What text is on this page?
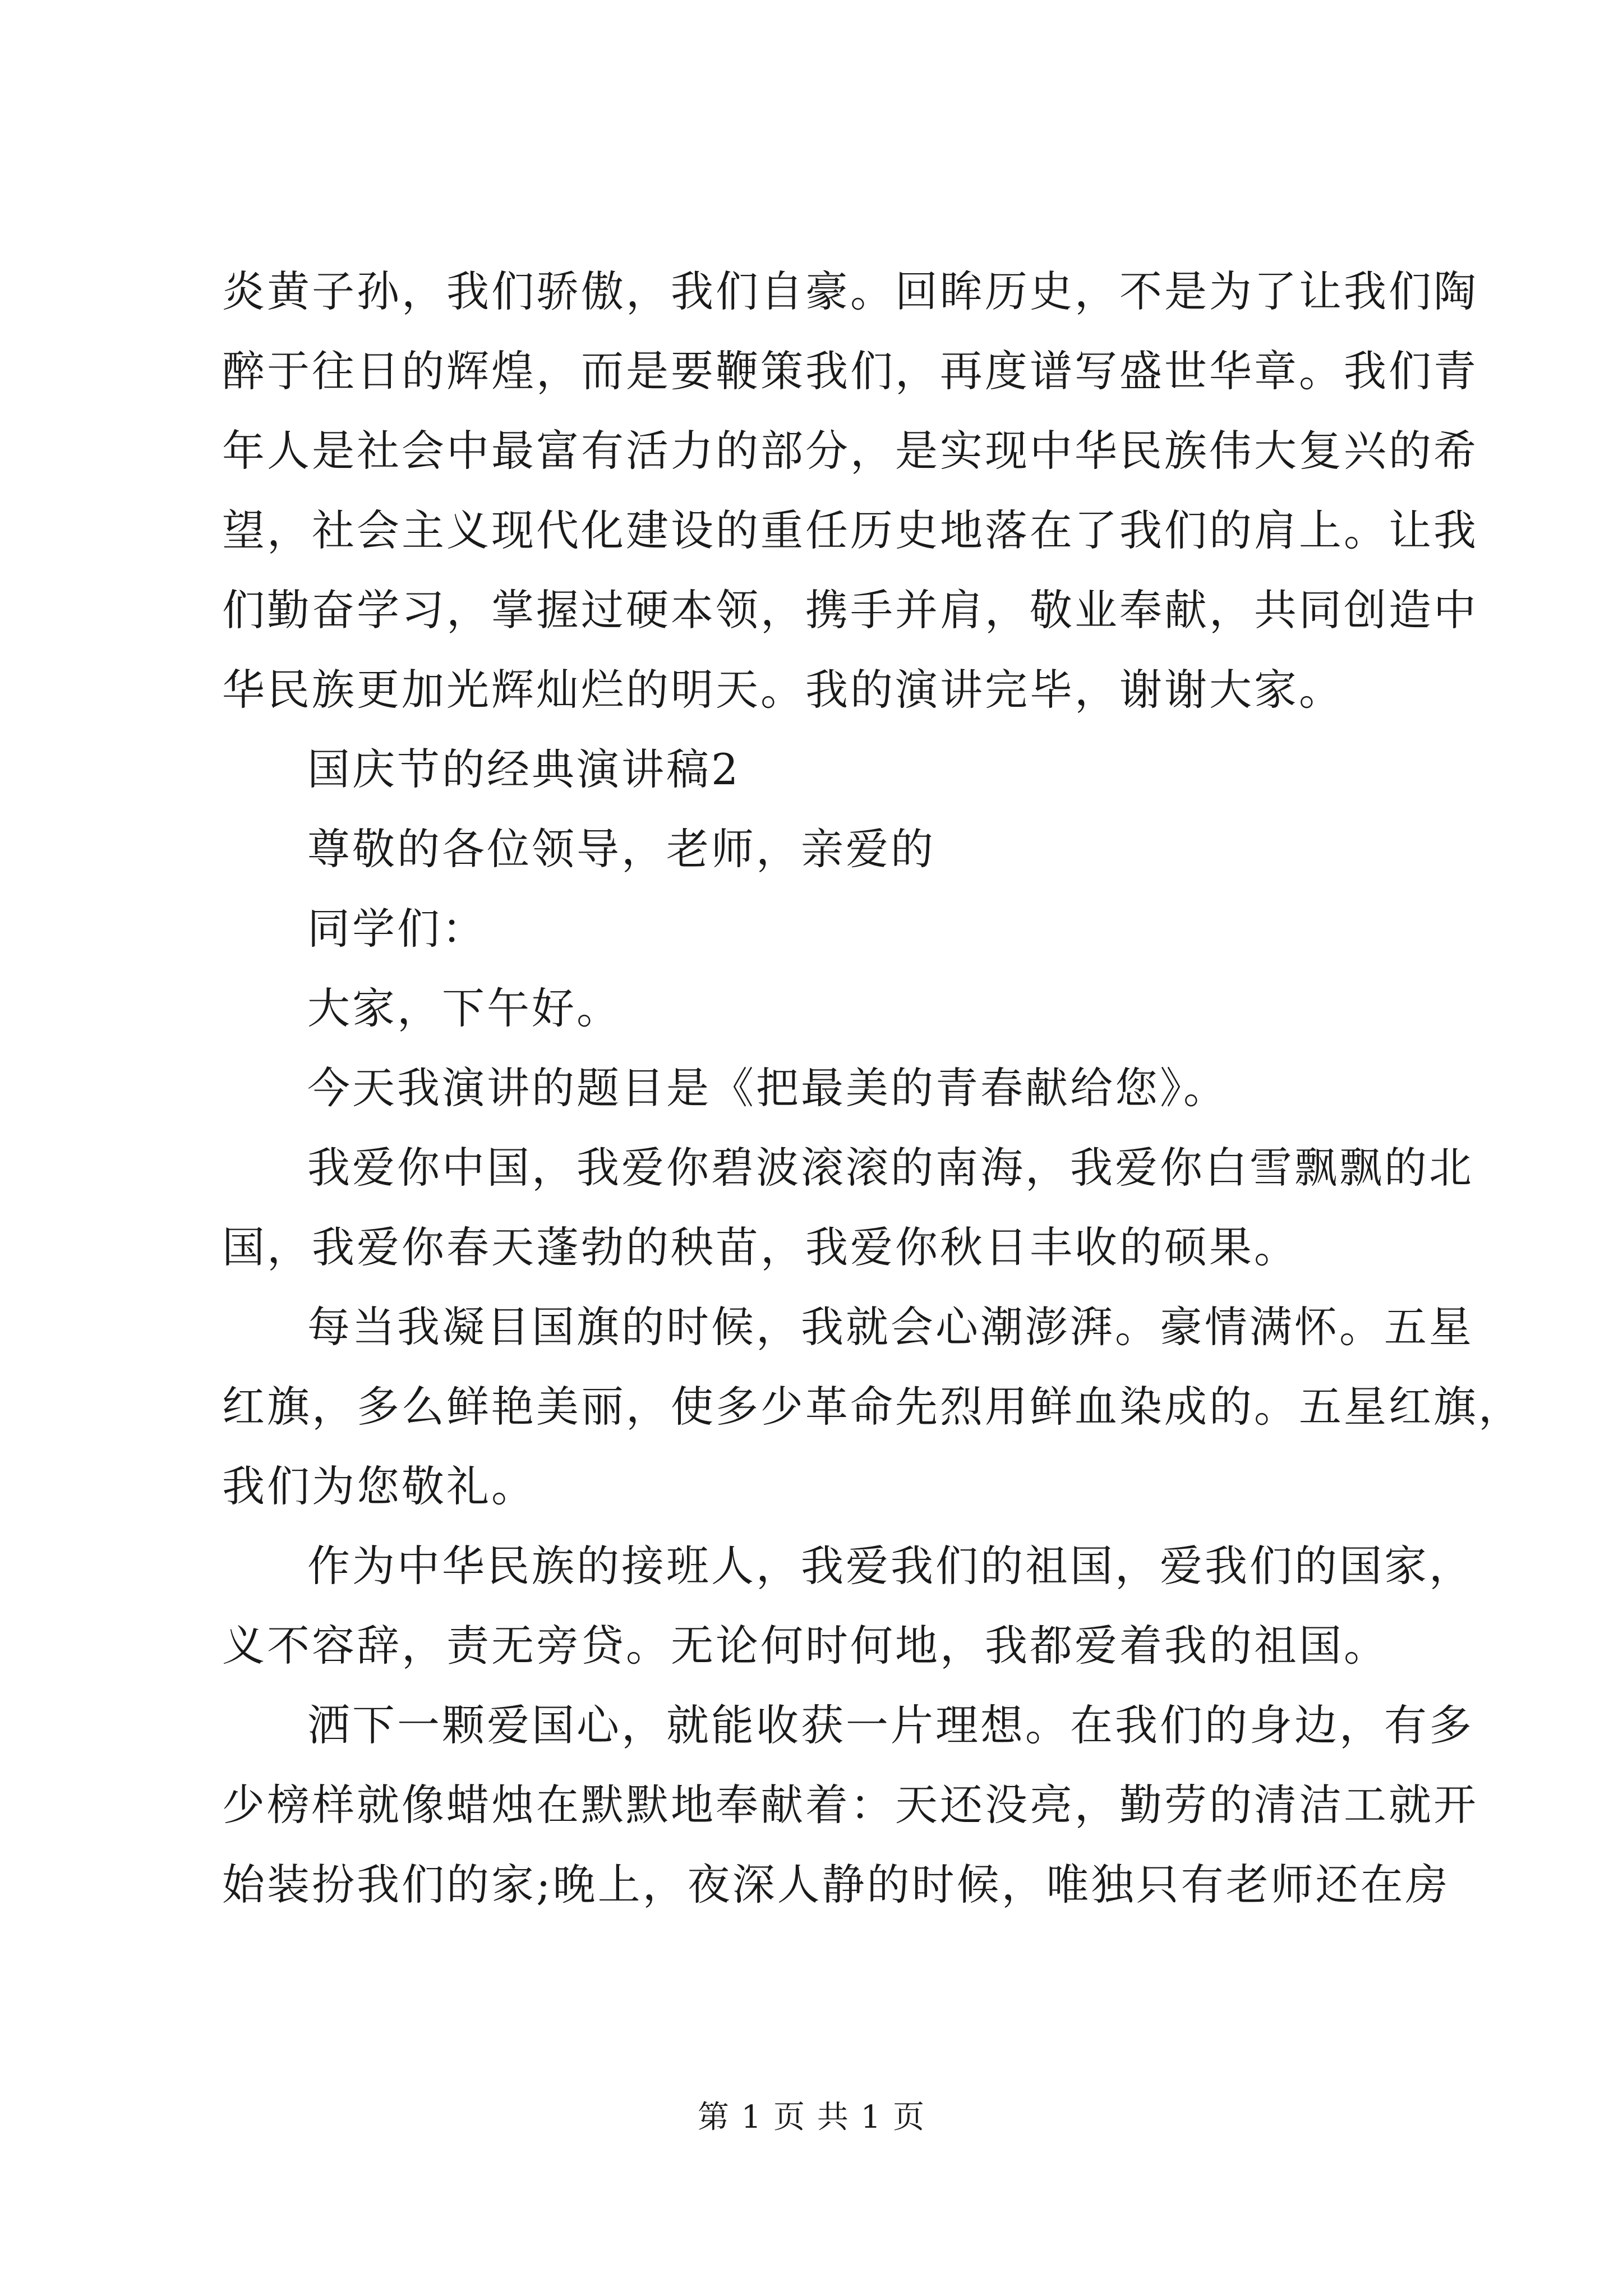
炎黄子孙，我们骄傲，我们自豪。回眸历史，不是为了让我们陶
醉于往日的辉煌，而是要鞭策我们，再度谱写盛世华章。我们青
年人是社会中最富有活力的部分，是实现中华民族伟大复兴的希
望，社会主义现代化建设的重任历史地落在了我们的肩上。让我
们勤奋学习，掌握过硬本领，携手并肩，敬业奉献，共同创造中
华民族更加光辉灿烂的明天。我的演讲完毕，谢谢大家。
国庆节的经典演讲稿2
尊敬的各位领导，老师，亲爱的
同学们：
大家，下午好。
今天我演讲的题目是《把最美的青春献给您》。
我爱你中国，我爱你碧波滚滚的南海，我爱你白雪飘飘的北
国，我爱你春天蓬勃的秧苗，我爱你秋日丰收的硕果。
每当我凝目国旗的时候，我就会心潮澎湃。豪情满怀。五星
红旗，多么鲜艳美丽，使多少革命先烈用鲜血染成的。五星红旗，
我们为您敬礼。
作为中华民族的接班人，我爱我们的祖国，爱我们的国家，
义不容辞，责无旁贷。无论何时何地，我都爱着我的祖国。
洒下一颗爱国心，就能收获一片理想。在我们的身边，有多
少榜样就像蜡烛在默默地奉献着：天还没亮，勤劳的清洁工就开
始装扮我们的家;晚上，夜深人静的时候，唯独只有老师还在房
第 1 页 共 1 页
